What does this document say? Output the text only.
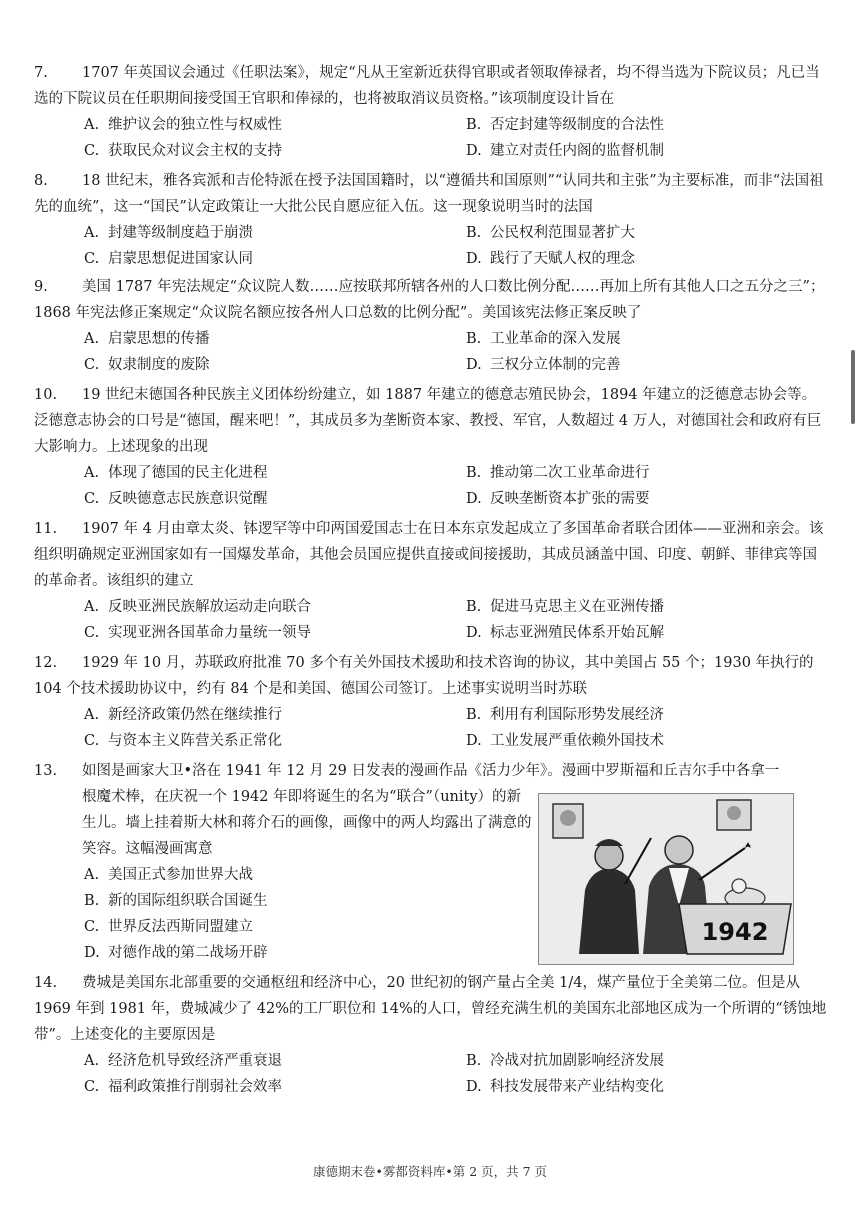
7. 1707 年英国议会通过《任职法案》，规定“凡从王室新近获得官职或者领取俸禄者，均不得当选为下院议员；凡已当选的下院议员在任职期间接受国王官职和俸禄的，也将被取消议员资格。”该项制度设计旨在

A. 维护议会的独立性与权威性	B. 否定封建等级制度的合法性
C. 获取民众对议会主权的支持	D. 建立对责任内阁的监督机制

8. 18 世纪末，雅各宾派和吉伦特派在授予法国国籍时，以“遵循共和国原则”“认同共和主张”为主要标准，而非“法国祖先的血统”，这一“国民”认定政策让一大批公民自愿应征入伍。这一现象说明当时的法国

A. 封建等级制度趋于崩溃	B. 公民权利范围显著扩大
C. 启蒙思想促进国家认同	D. 践行了天赋人权的理念

9. 美国 1787 年宪法规定“众议院人数……应按联邦所辖各州的人口数比例分配……再加上所有其他人口之五分之三”；1868 年宪法修正案规定“众议院名额应按各州人口总数的比例分配”。美国该宪法修正案反映了

A. 启蒙思想的传播	B. 工业革命的深入发展
C. 奴隶制度的废除	D. 三权分立体制的完善

10. 19 世纪末德国各种民族主义团体纷纷建立，如 1887 年建立的德意志殖民协会，1894 年建立的泛德意志协会等。泛德意志协会的口号是“德国，醒来吧！”，其成员多为垄断资本家、教授、军官，人数超过 4 万人，对德国社会和政府有巨大影响力。上述现象的出现

A. 体现了德国的民主化进程	B. 推动第二次工业革命进行
C. 反映德意志民族意识觉醒	D. 反映垄断资本扩张的需要

11. 1907 年 4 月由章太炎、钵逻罕等中印两国爱国志士在日本东京发起成立了多国革命者联合团体——亚洲和亲会。该组织明确规定亚洲国家如有一国爆发革命，其他会员国应提供直接或间接援助，其成员涵盖中国、印度、朝鲜、菲律宾等国的革命者。该组织的建立

A. 反映亚洲民族解放运动走向联合	B. 促进马克思主义在亚洲传播
C. 实现亚洲各国革命力量统一领导	D. 标志亚洲殖民体系开始瓦解

12. 1929 年 10 月，苏联政府批准 70 多个有关外国技术援助和技术咨询的协议，其中美国占 55 个；1930 年执行的 104 个技术援助协议中，约有 84 个是和美国、德国公司签订。上述事实说明当时苏联

A. 新经济政策仍然在继续推行	B. 利用有利国际形势发展经济
C. 与资本主义阵营关系正常化	D. 工业发展严重依赖外国技术

13. 如图是画家大卫•洛在 1941 年 12 月 29 日发表的漫画作品《活力少年》。漫画中罗斯福和丘吉尔手中各拿一

根魔术棒，在庆祝一个 1942 年即将诞生的名为“联合”（unity）的新生儿。墙上挂着斯大林和蒋介石的画像，画像中的两人均露出了满意的笑容。这幅漫画寓意

A. 美国正式参加世界大战
B. 新的国际组织联合国诞生
C. 世界反法西斯同盟建立
D. 对德作战的第二战场开辟
1942

14. 费城是美国东北部重要的交通枢纽和经济中心，20 世纪初的钢产量占全美 1/4，煤产量位于全美第二位。但是从 1969 年到 1981 年，费城减少了 42%的工厂职位和 14%的人口，曾经充满生机的美国东北部地区成为一个所谓的“锈蚀地带”。上述变化的主要原因是

A. 经济危机导致经济严重衰退	B. 冷战对抗加剧影响经济发展
C. 福利政策推行削弱社会效率	D. 科技发展带来产业结构变化
康德期末卷•雾都资料库•第 2 页，共 7 页
